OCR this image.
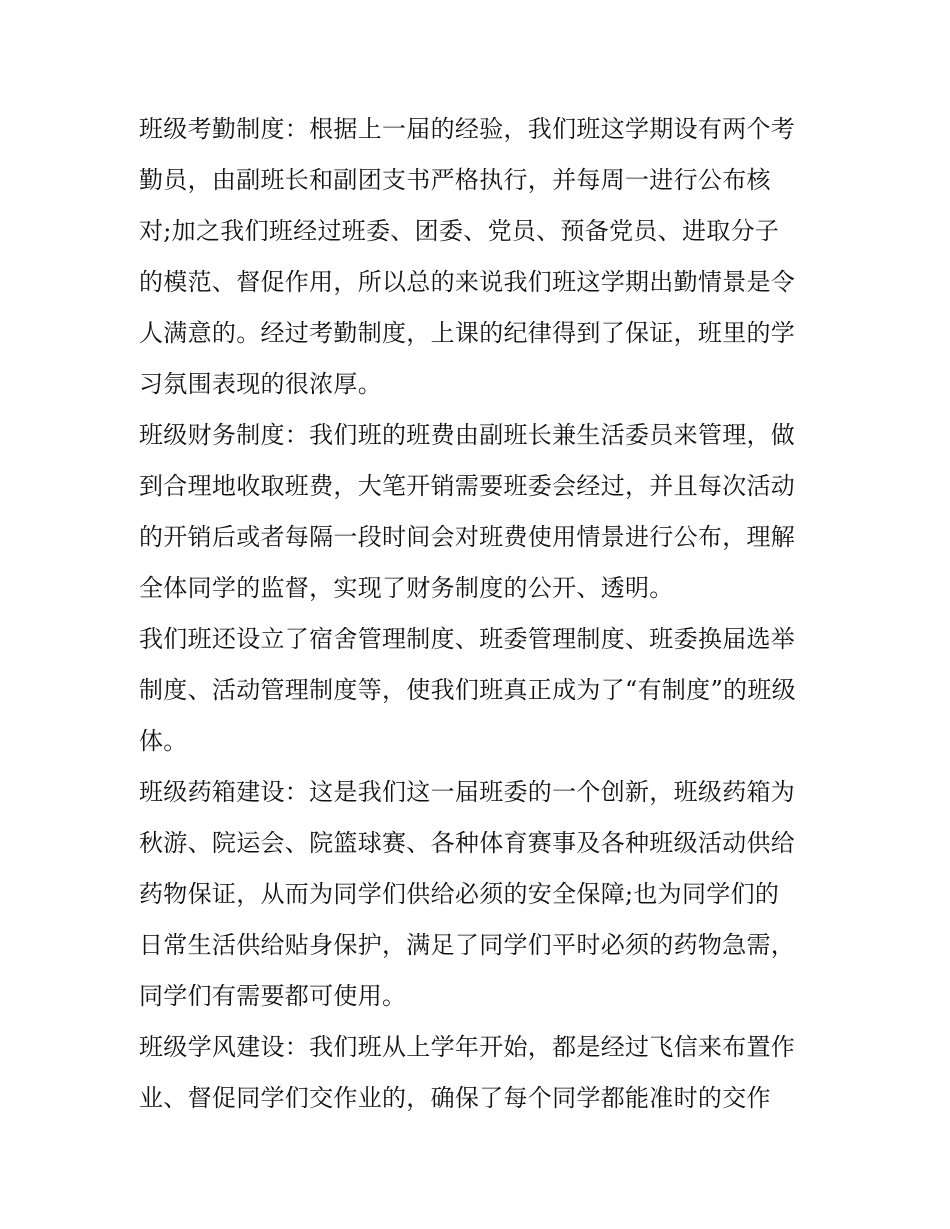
班级考勤制度：根据上一届的经验，我们班这学期设有两个考
勤员，由副班长和副团支书严格执行，并每周一进行公布核
对;加之我们班经过班委、团委、党员、预备党员、进取分子
的模范、督促作用，所以总的来说我们班这学期出勤情景是令
人满意的。经过考勤制度，上课的纪律得到了保证，班里的学
习氛围表现的很浓厚。
班级财务制度：我们班的班费由副班长兼生活委员来管理，做
到合理地收取班费，大笔开销需要班委会经过，并且每次活动
的开销后或者每隔一段时间会对班费使用情景进行公布，理解
全体同学的监督，实现了财务制度的公开、透明。
我们班还设立了宿舍管理制度、班委管理制度、班委换届选举
制度、活动管理制度等，使我们班真正成为了“有制度”的班级
体。
班级药箱建设：这是我们这一届班委的一个创新，班级药箱为
秋游、院运会、院篮球赛、各种体育赛事及各种班级活动供给
药物保证，从而为同学们供给必须的安全保障;也为同学们的
日常生活供给贴身保护，满足了同学们平时必须的药物急需，
同学们有需要都可使用。
班级学风建设：我们班从上学年开始，都是经过飞信来布置作
业、督促同学们交作业的，确保了每个同学都能准时的交作
